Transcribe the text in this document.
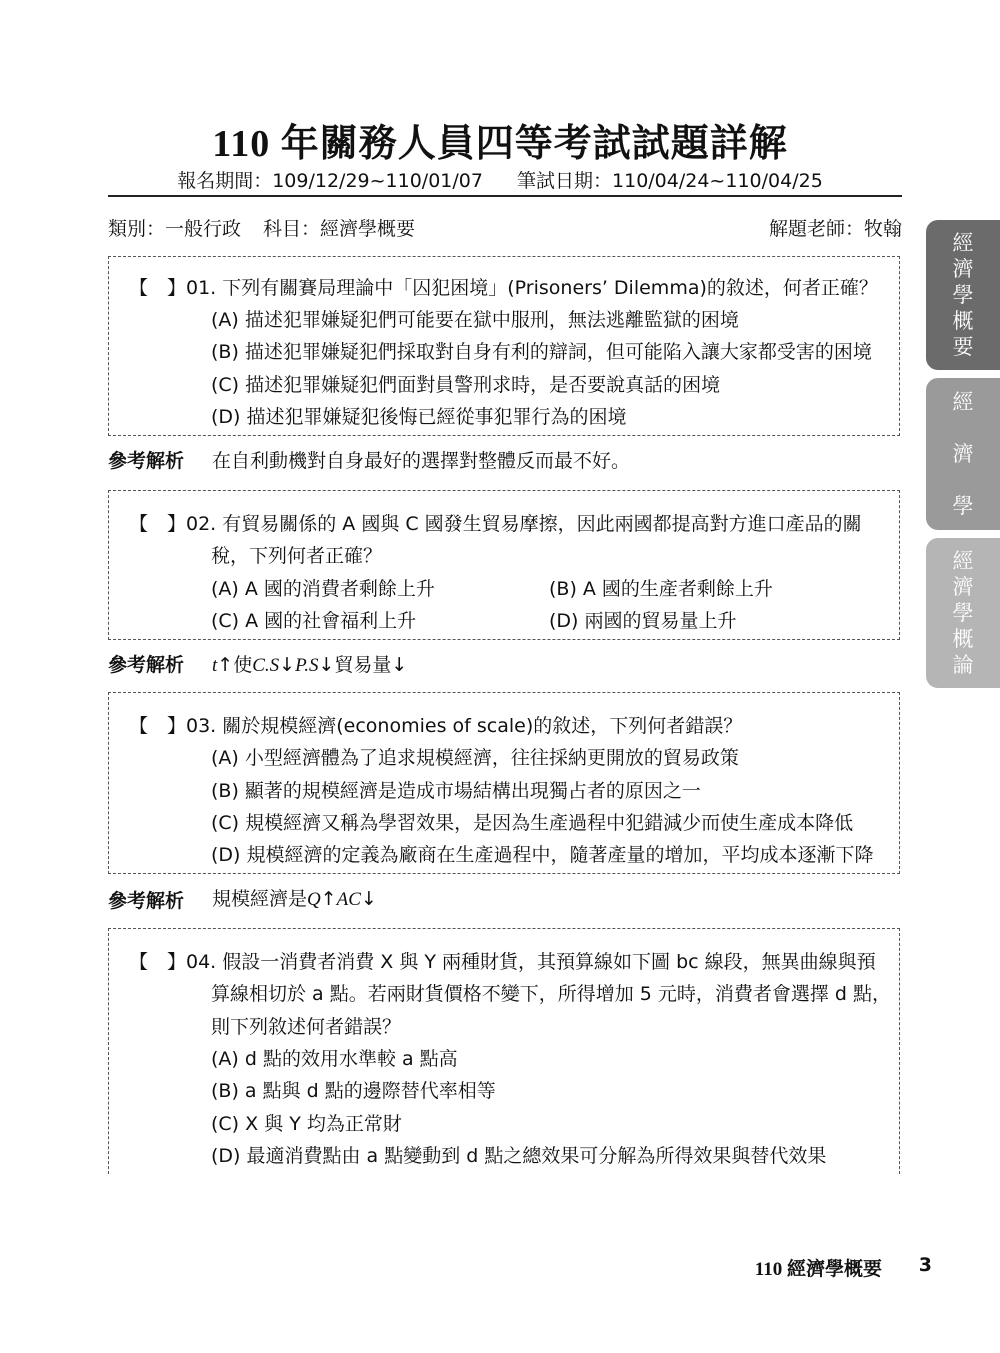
110 年關務人員四等考試試題詳解
報名期間：109/12/29~110/01/07 筆試日期：110/04/24~110/04/25
類別：一般行政 科目：經濟學概要	解題老師：牧翰
經
濟
學
概
要
經
濟
學
經
濟
學
概
論
【　】01. 下列有關賽局理論中「囚犯困境」(Prisoners’ Dilemma)的敘述，何者正確？
(A) 描述犯罪嫌疑犯們可能要在獄中服刑，無法逃離監獄的困境
(B) 描述犯罪嫌疑犯們採取對自身有利的辯詞，但可能陷入讓大家都受害的困境
(C) 描述犯罪嫌疑犯們面對員警刑求時，是否要說真話的困境
(D) 描述犯罪嫌疑犯後悔已經從事犯罪行為的困境
參考解析 在自利動機對自身最好的選擇對整體反而最不好。
【　】02. 有貿易關係的 A 國與 C 國發生貿易摩擦，因此兩國都提高對方進口產品的關
稅，下列何者正確？
(A) A 國的消費者剩餘上升	(B) A 國的生產者剩餘上升
(C) A 國的社會福利上升	(D) 兩國的貿易量上升
參考解析 t↑使C.S↓P.S↓貿易量↓
【　】03. 關於規模經濟(economies of scale)的敘述，下列何者錯誤？
(A) 小型經濟體為了追求規模經濟，往往採納更開放的貿易政策
(B) 顯著的規模經濟是造成市場結構出現獨占者的原因之一
(C) 規模經濟又稱為學習效果，是因為生產過程中犯錯減少而使生產成本降低
(D) 規模經濟的定義為廠商在生產過程中，隨著產量的增加，平均成本逐漸下降
參考解析 規模經濟是Q↑AC↓
【　】04. 假設一消費者消費 X 與 Y 兩種財貨，其預算線如下圖 bc 線段，無異曲線與預
算線相切於 a 點。若兩財貨價格不變下，所得增加 5 元時，消費者會選擇 d 點，
則下列敘述何者錯誤？
(A) d 點的效用水準較 a 點高
(B) a 點與 d 點的邊際替代率相等
(C) X 與 Y 均為正常財
(D) 最適消費點由 a 點變動到 d 點之總效果可分解為所得效果與替代效果
110 經濟學概要 3
